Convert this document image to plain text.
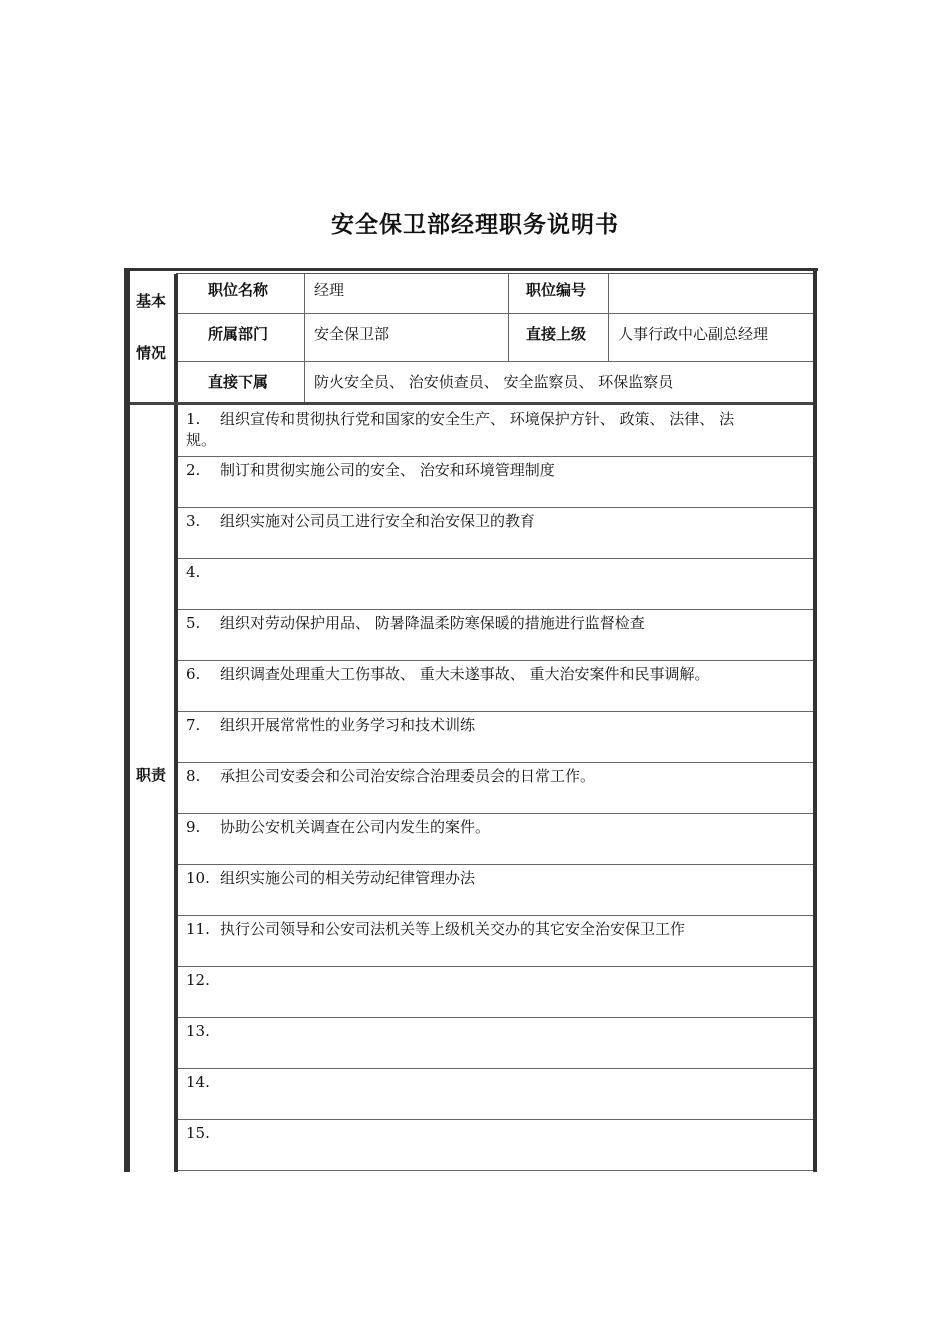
安全保卫部经理职务说明书
基本
情况
职位名称	经理	职位编号
所属部门	安全保卫部	直接上级 人事行政中心副总经理
直接下属	防火安全员、 治安侦查员、 安全监察员、 环保监察员
职责
1. 组织宣传和贯彻执行党和国家的安全生产、 环境保护方针、 政策、 法律、 法
规。
2. 制订和贯彻实施公司的安全、 治安和环境管理制度
3. 组织实施对公司员工进行安全和治安保卫的教育
4.
5. 组织对劳动保护用品、 防暑降温柔防寒保暖的措施进行监督检查
6. 组织调查处理重大工伤事故、 重大未遂事故、 重大治安案件和民事调解。
7. 组织开展常常性的业务学习和技术训练
8. 承担公司安委会和公司治安综合治理委员会的日常工作。
9. 协助公安机关调查在公司内发生的案件。
10. 组织实施公司的相关劳动纪律管理办法
11. 执行公司领导和公安司法机关等上级机关交办的其它安全治安保卫工作
12.
13.
14.
15.
